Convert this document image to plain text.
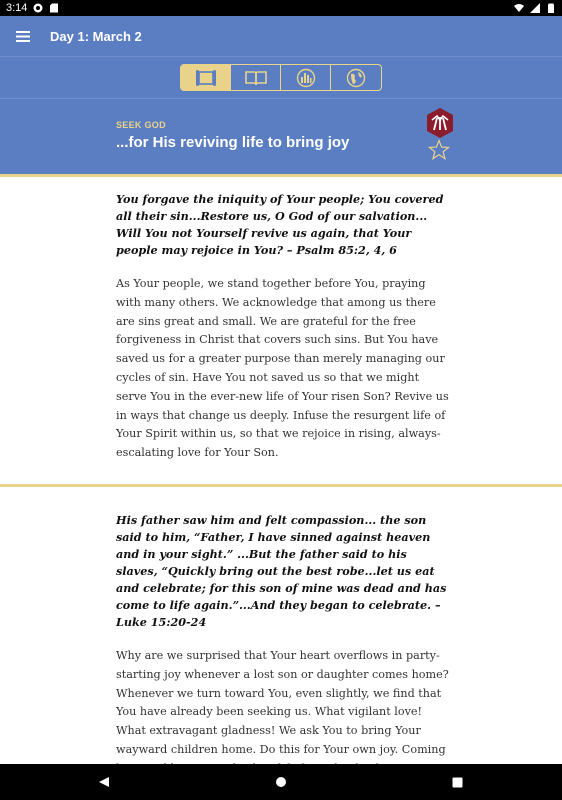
3:14
Day 1: March 2
SEEK GOD
...for His reviving life to bring joy

You forgave the iniquity of Your people; You covered all their sin...Restore us, O God of our salvation... Will You not Yourself revive us again, that Your people may rejoice in You? – Psalm 85:2, 4, 6

As Your people, we stand together before You, praying with many others. We acknowledge that among us there are sins great and small. We are grateful for the free forgiveness in Christ that covers such sins. But You have saved us for a greater purpose than merely managing our cycles of sin. Have You not saved us so that we might serve You in the ever-new life of Your risen Son? Revive us in ways that change us deeply. Infuse the resurgent life of Your Spirit within us, so that we rejoice in rising, always-escalating love for Your Son.

His father saw him and felt compassion... the son said to him, “Father, I have sinned against heaven and in your sight.” ...But the father said to his slaves, “Quickly bring out the best robe...let us eat and celebrate; for this son of mine was dead and has come to life again.”...And they began to celebrate. – Luke 15:20-24

Why are we surprised that Your heart overflows in party-starting joy whenever a lost son or daughter comes home? Whenever we turn toward You, even slightly, we find that You have already been seeking us. What vigilant love! What extravagant gladness! We ask You to bring Your wayward children home. Do this for Your own joy. Coming
